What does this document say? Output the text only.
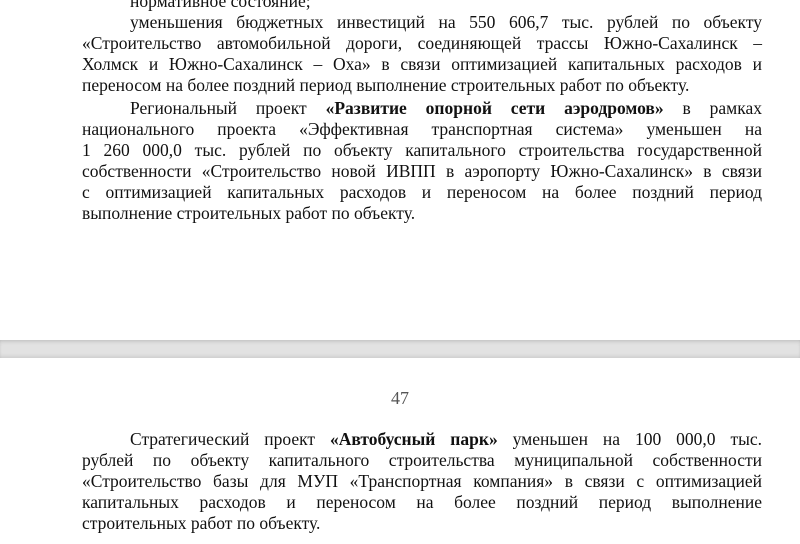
нормативное состояние;
уменьшения бюджетных инвестиций на 550 606,7 тыс. рублей по объекту
«Строительство автомобильной дороги, соединяющей трассы Южно-Сахалинск –
Холмск и Южно-Сахалинск – Оха» в связи оптимизацией капитальных расходов и
переносом на более поздний период выполнение строительных работ по объекту.
Региональный проект «Развитие опорной сети аэродромов» в рамках
национального проекта «Эффективная транспортная система» уменьшен на
1 260 000,0 тыс. рублей по объекту капитального строительства государственной
собственности «Строительство новой ИВПП в аэропорту Южно-Сахалинск» в связи
с оптимизацией капитальных расходов и переносом на более поздний период
выполнение строительных работ по объекту.
47
Стратегический проект «Автобусный парк» уменьшен на 100 000,0 тыс.
рублей по объекту капитального строительства муниципальной собственности
«Строительство базы для МУП «Транспортная компания» в связи с оптимизацией
капитальных расходов и переносом на более поздний период выполнение
строительных работ по объекту.
